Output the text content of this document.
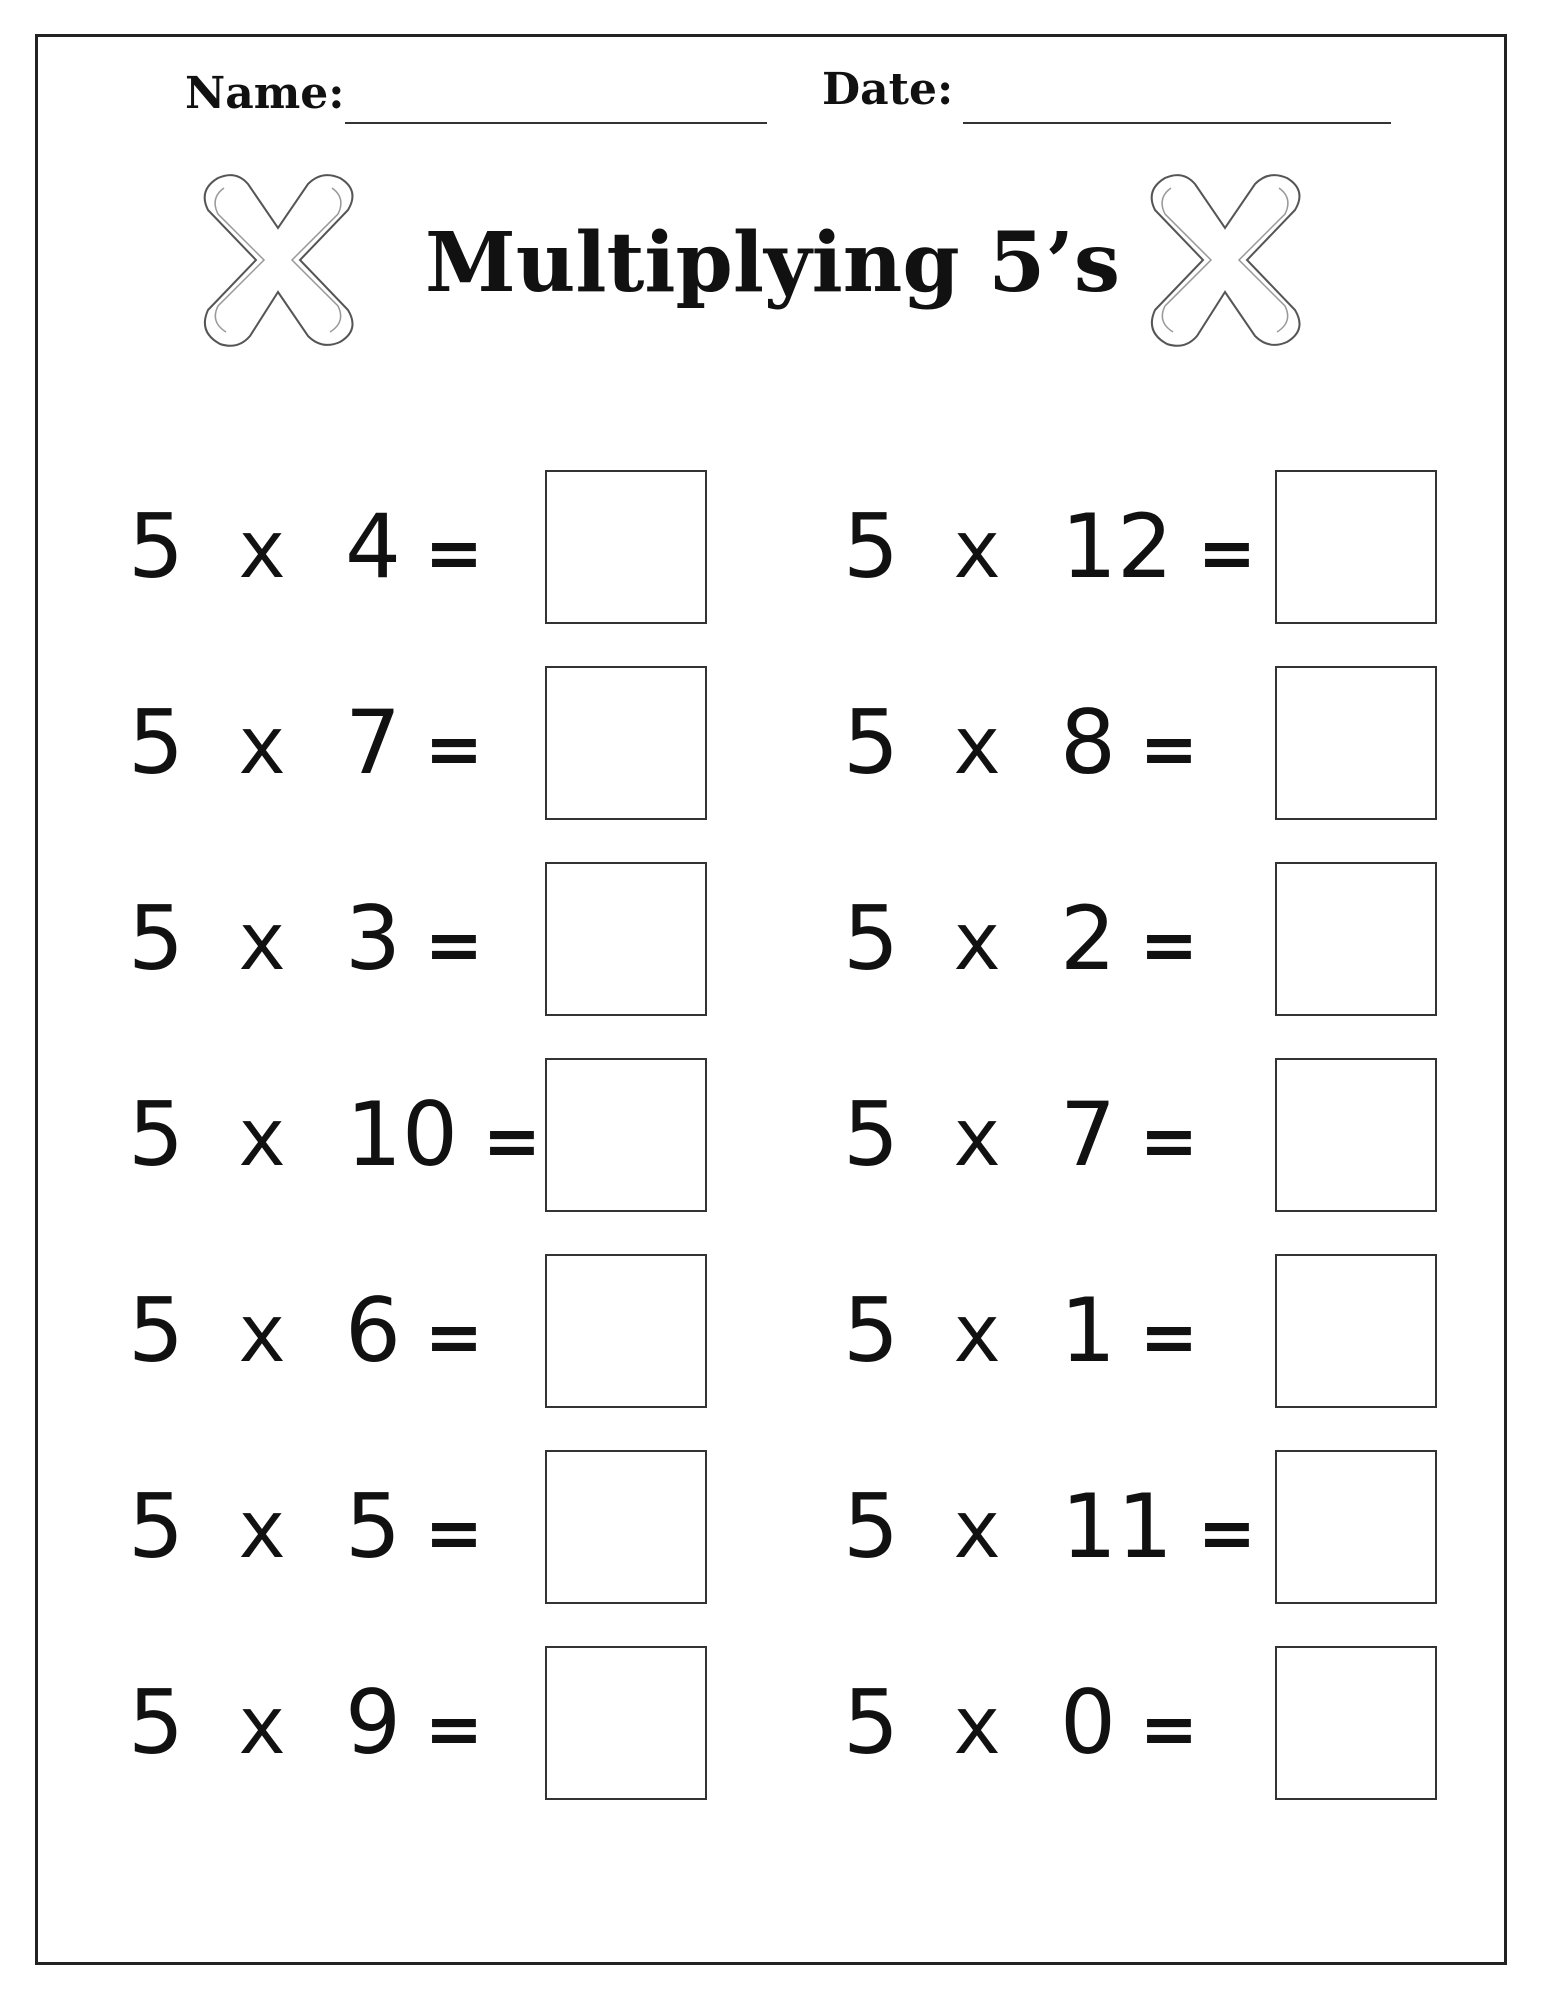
Name:	Date:
Multiplying 5’s
5 x 4 =
5 x 7 =
5 x 3 =
5 x 10 =
5 x 6 =
5 x 5 =
5 x 9 =
5 x 12 =
5 x 8 =
5 x 2 =
5 x 7 =
5 x 1 =
5 x 11 =
5 x 0 =
